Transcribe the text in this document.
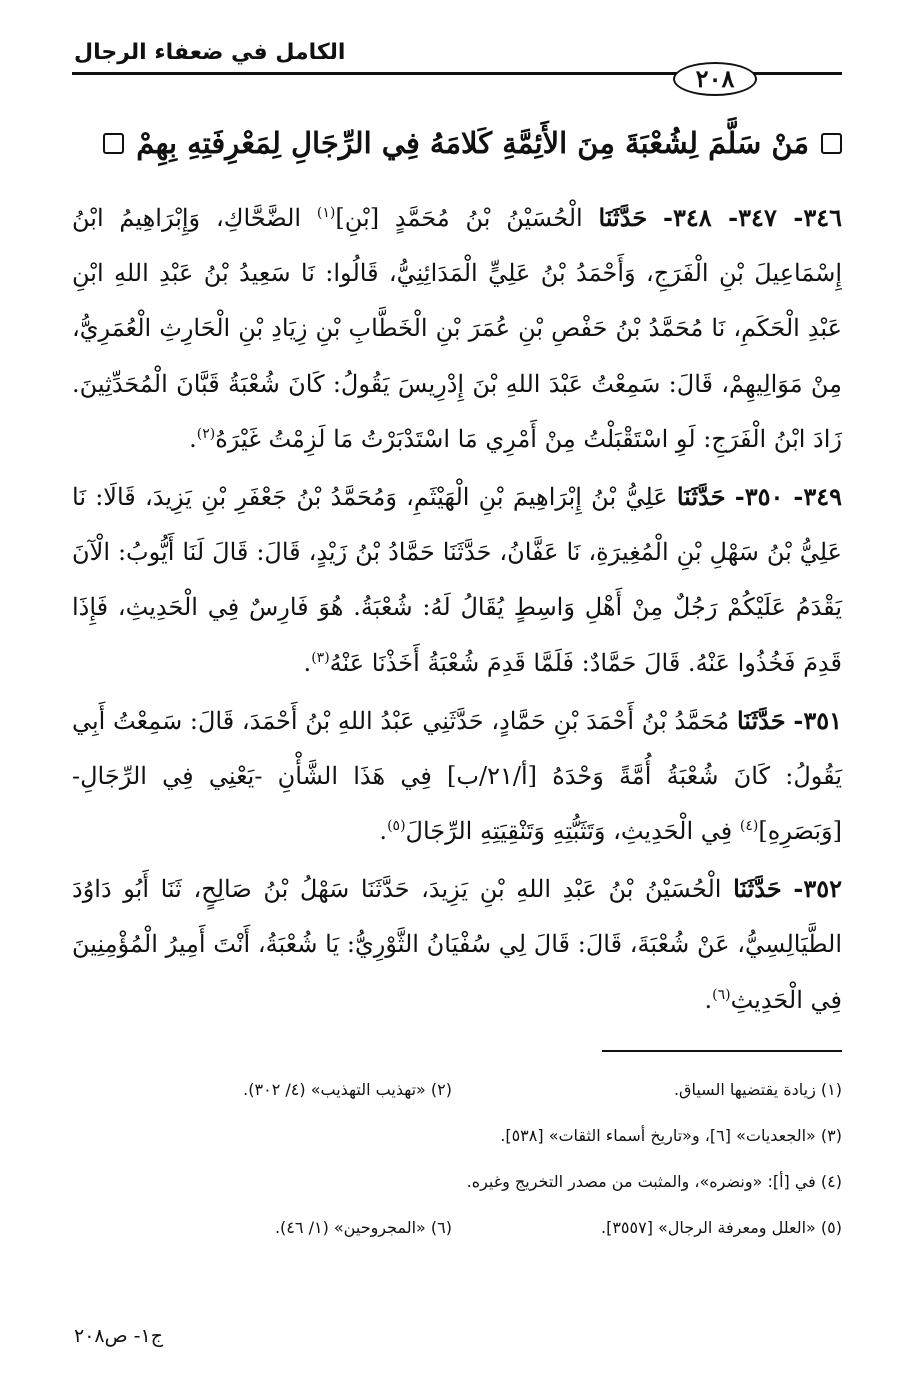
الكامل في ضعفاء الرجال
٢٠٨
مَنْ سَلَّمَ لِشُعْبَةَ مِنَ الأَئِمَّةِ كَلامَهُ فِي الرِّجَالِ لِمَعْرِفَتِهِ بِهِمْ

٣٤٦- ٣٤٧- ٣٤٨- حَدَّثَنَا الْحُسَيْنُ بْنُ مُحَمَّدٍ [بْنِ]$^{(١)}$ الضَّحَّاكِ، وَإِبْرَاهِيمُ ابْنُ إِسْمَاعِيلَ بْنِ الْفَرَجِ، وَأَحْمَدُ بْنُ عَلِيٍّ الْمَدَائِنِيُّ، قَالُوا: نَا سَعِيدُ بْنُ عَبْدِ اللهِ ابْنِ عَبْدِ الْحَكَمِ، نَا مُحَمَّدُ بْنُ حَفْصِ بْنِ عُمَرَ بْنِ الْخَطَّابِ بْنِ زِيَادِ بْنِ الْحَارِثِ الْعُمَرِيُّ، مِنْ مَوَالِيهِمْ، قَالَ: سَمِعْتُ عَبْدَ اللهِ بْنَ إِدْرِيسَ يَقُولُ: كَانَ شُعْبَةُ قَبَّانَ الْمُحَدِّثِينَ. زَادَ ابْنُ الْفَرَجِ: لَوِ اسْتَقْبَلْتُ مِنْ أَمْرِي مَا اسْتَدْبَرْتُ مَا لَزِمْتُ غَيْرَهُ$^{(٢)}$.

٣٤٩- ٣٥٠- حَدَّثَنَا عَلِيُّ بْنُ إِبْرَاهِيمَ بْنِ الْهَيْثَمِ، وَمُحَمَّدُ بْنُ جَعْفَرِ بْنِ يَزِيدَ، قَالَا: نَا عَلِيُّ بْنُ سَهْلِ بْنِ الْمُغِيرَةِ، نَا عَفَّانُ، حَدَّثَنَا حَمَّادُ بْنُ زَيْدٍ، قَالَ: قَالَ لَنَا أَيُّوبُ: الْآنَ يَقْدَمُ عَلَيْكُمْ رَجُلٌ مِنْ أَهْلِ وَاسِطٍ يُقَالُ لَهُ: شُعْبَةُ. هُوَ فَارِسٌ فِي الْحَدِيثِ، فَإِذَا قَدِمَ فَخُذُوا عَنْهُ. قَالَ حَمَّادٌ: فَلَمَّا قَدِمَ شُعْبَةُ أَخَذْنَا عَنْهُ$^{(٣)}$.

٣٥١- حَدَّثَنَا مُحَمَّدُ بْنُ أَحْمَدَ بْنِ حَمَّادٍ، حَدَّثَنِي عَبْدُ اللهِ بْنُ أَحْمَدَ، قَالَ: سَمِعْتُ أَبِي يَقُولُ: كَانَ شُعْبَةُ أُمَّةً وَحْدَهُ [أ/٢١/ب] فِي هَذَا الشَّأْنِ -يَعْنِي فِي الرِّجَالِ- [وَبَصَرِهِ]$^{(٤)}$ فِي الْحَدِيثِ، وَتَثَبُّتِهِ وَتَنْقِيَتِهِ الرِّجَالَ$^{(٥)}$.

٣٥٢- حَدَّثَنَا الْحُسَيْنُ بْنُ عَبْدِ اللهِ بْنِ يَزِيدَ، حَدَّثَنَا سَهْلُ بْنُ صَالِحٍ، ثَنَا أَبُو دَاوُدَ الطَّيَالِسِيُّ، عَنْ شُعْبَةَ، قَالَ: قَالَ لِي سُفْيَانُ الثَّوْرِيُّ: يَا شُعْبَةُ، أَنْتَ أَمِيرُ الْمُؤْمِنِينَ فِي الْحَدِيثِ$^{(٦)}$.

(١) زيادة يقتضيها السياق.
(٢) «تهذيب التهذيب» (٤/ ٣٠٢).
(٣) «الجعديات» [٦]، و«تاريخ أسماء الثقات» [٥٣٨].
(٤) في [أ]: «ونضره»، والمثبت من مصدر التخريج وغيره.
(٥) «العلل ومعرفة الرجال» [٣٥٥٧].
(٦) «المجروحين» (١/ ٤٦).
ج١- ص٢٠٨
